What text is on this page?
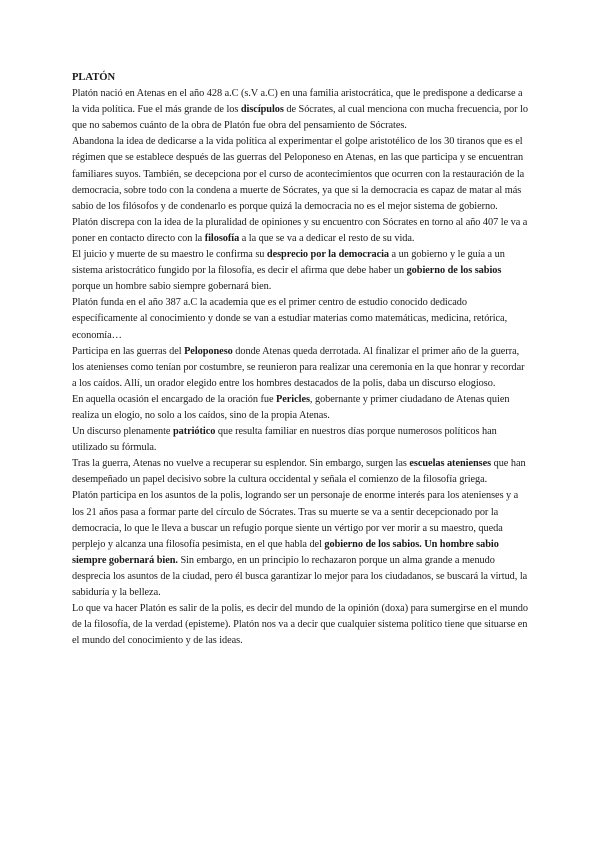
PLATÓN

Platón nació en Atenas en el año 428 a.C (s.V a.C) en una familia aristocrática, que le predispone a dedicarse a la vida política. Fue el más grande de los discípulos de Sócrates, al cual menciona con mucha frecuencia, por lo que no sabemos cuánto de la obra de Platón fue obra del pensamiento de Sócrates.

Abandona la idea de dedicarse a la vida política al experimentar el golpe aristotélico de los 30 tiranos que es el régimen que se establece después de las guerras del Peloponeso en Atenas, en las que participa y se encuentran familiares suyos. También, se decepciona por el curso de acontecimientos que ocurren con la restauración de la democracia, sobre todo con la condena a muerte de Sócrates, ya que si la democracia es capaz de matar al más sabio de los filósofos y de condenarlo es porque quizá la democracia no es el mejor sistema de gobierno.

Platón discrepa con la idea de la pluralidad de opiniones y su encuentro con Sócrates en torno al año 407 le va a poner en contacto directo con la filosofía a la que se va a dedicar el resto de su vida.

El juicio y muerte de su maestro le confirma su desprecio por la democracia a un gobierno y le guía a un sistema aristocrático fungido por la filosofía, es decir el afirma que debe haber un gobierno de los sabios porque un hombre sabio siempre gobernará bien.

Platón funda en el año 387 a.C la academia que es el primer centro de estudio conocido dedicado específicamente al conocimiento y donde se van a estudiar materias como matemáticas, medicina, retórica, economía…

Participa en las guerras del Peloponeso donde Atenas queda derrotada. Al finalizar el primer año de la guerra, los atenienses como tenían por costumbre, se reunieron para realizar una ceremonia en la que honrar y recordar a los caídos. Allí, un orador elegido entre los hombres destacados de la polis, daba un discurso elogioso.

En aquella ocasión el encargado de la oración fue Pericles, gobernante y primer ciudadano de Atenas quien realiza un elogio, no solo a los caídos, sino de la propia Atenas.

Un discurso plenamente patriótico que resulta familiar en nuestros días porque numerosos políticos han utilizado su fórmula.

Tras la guerra, Atenas no vuelve a recuperar su esplendor. Sin embargo, surgen las escuelas atenienses que han desempeñado un papel decisivo sobre la cultura occidental y señala el comienzo de la filosofía griega.

Platón participa en los asuntos de la polis, logrando ser un personaje de enorme interés para los atenienses y a los 21 años pasa a formar parte del círculo de Sócrates. Tras su muerte se va a sentir decepcionado por la democracia, lo que le lleva a buscar un refugio porque siente un vértigo por ver morir a su maestro, queda perplejo y alcanza una filosofía pesimista, en el que habla del gobierno de los sabios. Un hombre sabio siempre gobernará bien. Sin embargo, en un principio lo rechazaron porque un alma grande a menudo desprecia los asuntos de la ciudad, pero él busca garantizar lo mejor para los ciudadanos, se buscará la virtud, la sabiduría y la belleza.

Lo que va hacer Platón es salir de la polis, es decir del mundo de la opinión (doxa) para sumergirse en el mundo de la filosofía, de la verdad (episteme). Platón nos va a decir que cualquier sistema político tiene que situarse en el mundo del conocimiento y de las ideas.
